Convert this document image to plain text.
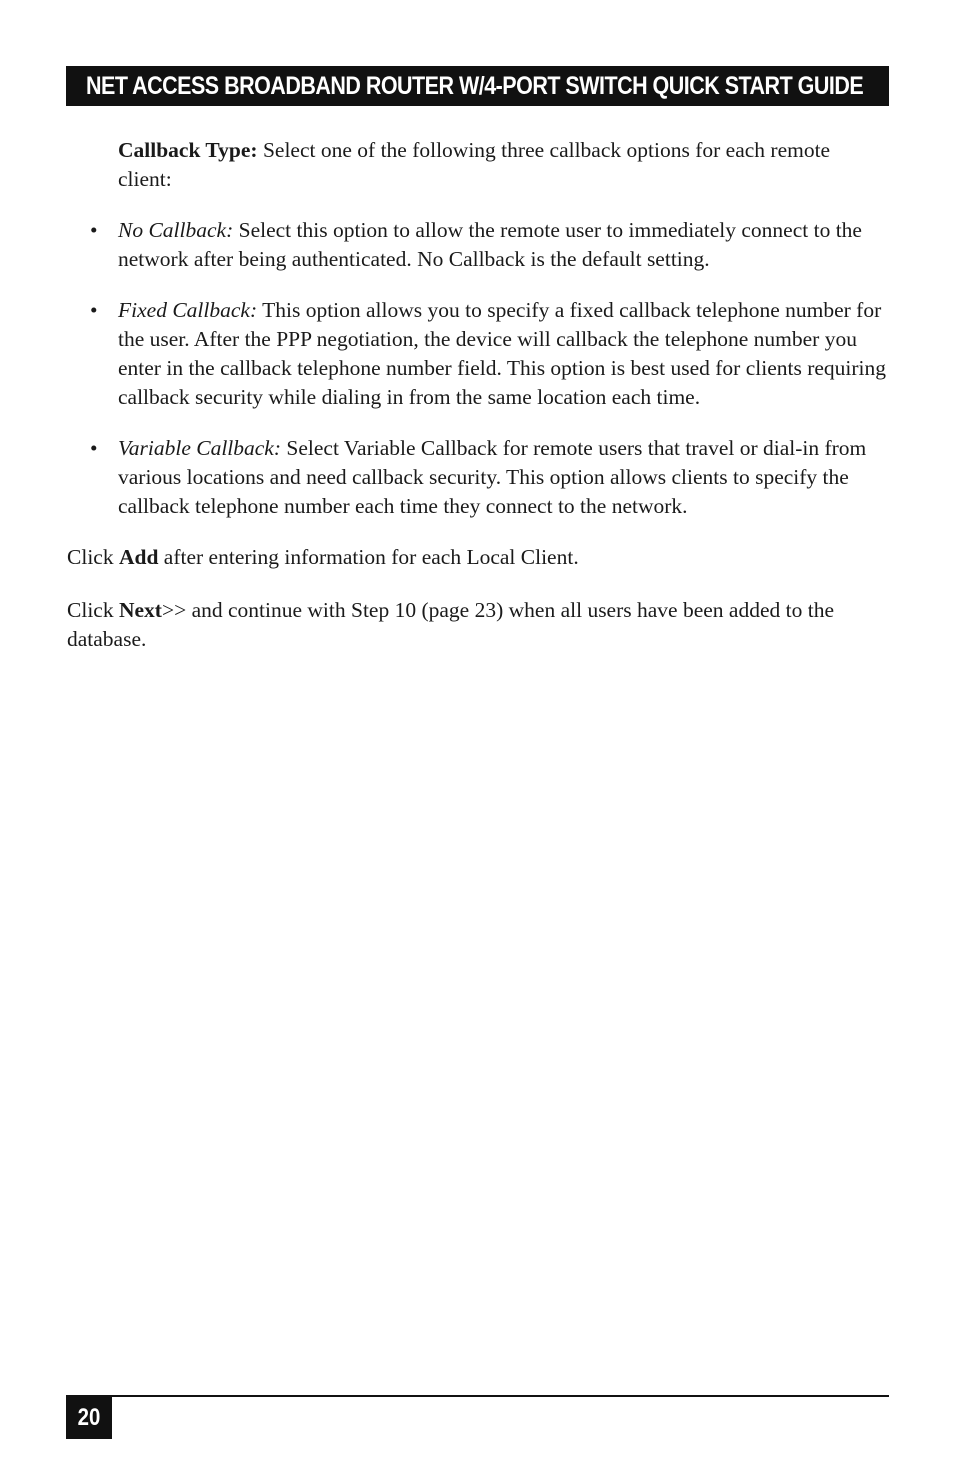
NET ACCESS BROADBAND ROUTER W/4-PORT SWITCH QUICK START GUIDE

Callback Type: Select one of the following three callback options for each remote client:

• No Callback: Select this option to allow the remote user to immediately connect to the network after being authenticated. No Callback is the default setting.
• Fixed Callback: This option allows you to specify a fixed callback telephone number for the user. After the PPP negotiation, the device will callback the telephone number you enter in the callback telephone number field. This option is best used for clients requiring callback security while dialing in from the same location each time.
• Variable Callback: Select Variable Callback for remote users that travel or dial-in from various locations and need callback security. This option allows clients to specify the callback telephone number each time they connect to the network.

Click Add after entering information for each Local Client.

Click Next>> and continue with Step 10 (page 23) when all users have been added to the database.

20
